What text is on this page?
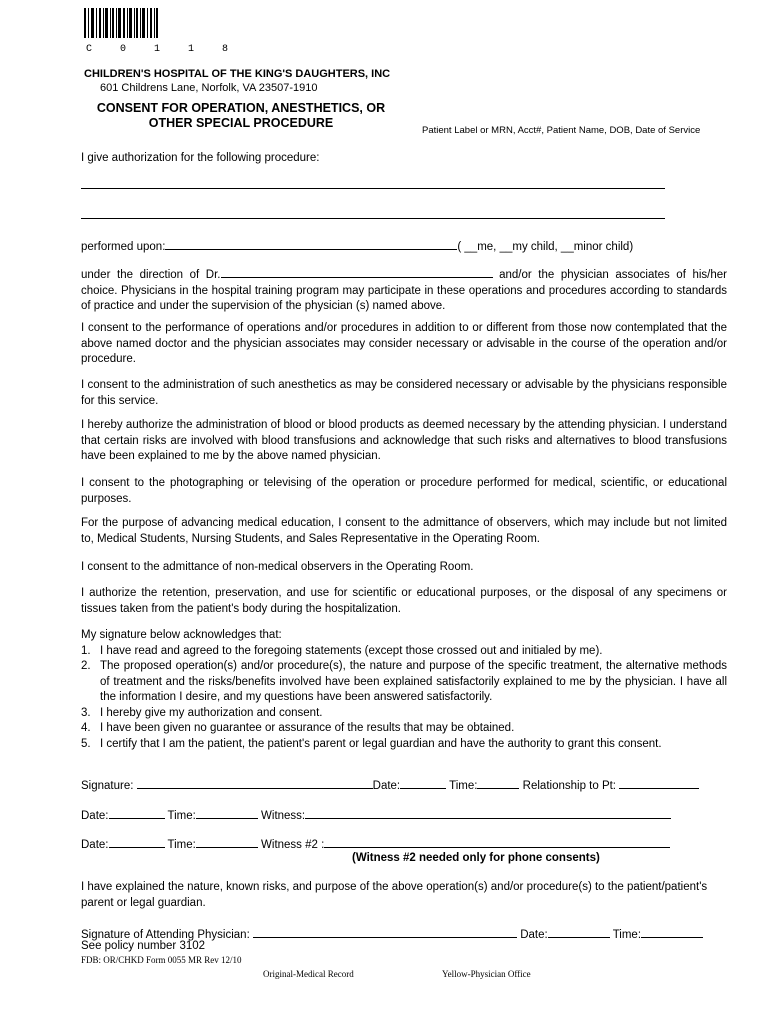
C 0 1 1 8
CHILDREN'S HOSPITAL OF THE KING'S DAUGHTERS, INC
601 Childrens Lane, Norfolk, VA 23507-1910
CONSENT FOR OPERATION, ANESTHETICS, OR
OTHER SPECIAL PROCEDURE
Patient Label or MRN, Acct#, Patient Name, DOB, Date of Service
I give authorization for the following procedure:
performed upon:	( __me, __my child, __minor child)

under the direction of Dr.	and/or the physician associates of his/her choice. Physicians in the hospital training program may participate in these operations and procedures according to standards of practice and under the supervision of the physician (s) named above.

I consent to the performance of operations and/or procedures in addition to or different from those now contemplated that the above named doctor and the physician associates may consider necessary or advisable in the course of the operation and/or procedure.
I consent to the administration of such anesthetics as may be considered necessary or advisable by the physicians responsible for this service.
I hereby authorize the administration of blood or blood products as deemed necessary by the attending physician. I understand that certain risks are involved with blood transfusions and acknowledge that such risks and alternatives to blood transfusions have been explained to me by the above named physician.
I consent to the photographing or televising of the operation or procedure performed for medical, scientific, or educational purposes.
For the purpose of advancing medical education, I consent to the admittance of observers, which may include but not limited to, Medical Students, Nursing Students, and Sales Representative in the Operating Room.
I consent to the admittance of non-medical observers in the Operating Room.
I authorize the retention, preservation, and use for scientific or educational purposes, or the disposal of any specimens or tissues taken from the patient's body during the hospitalization.
My signature below acknowledges that:
1. I have read and agreed to the foregoing statements (except those crossed out and initialed by me).
2. The proposed operation(s) and/or procedure(s), the nature and purpose of the specific treatment, the alternative methods of treatment and the risks/benefits involved have been explained satisfactorily explained to me by the physician. I have all the information I desire, and my questions have been answered satisfactorily.
3. I hereby give my authorization and consent.
4. I have been given no guarantee or assurance of the results that may be obtained.
5. I certify that I am the patient, the patient's parent or legal guardian and have the authority to grant this consent.
Signature:	Date:	Time:	Relationship to Pt:
Date:	Time:	Witness:
Date:	Time:	Witness #2 :
(Witness #2 needed only for phone consents)
I have explained the nature, known risks, and purpose of the above operation(s) and/or procedure(s) to the patient/patient's parent or legal guardian.
Signature of Attending Physician:	Date:	Time:
See policy number 3102
FDB: OR/CHKD Form 0055 MR Rev 12/10
Original-Medical Record	Yellow-Physician Office
